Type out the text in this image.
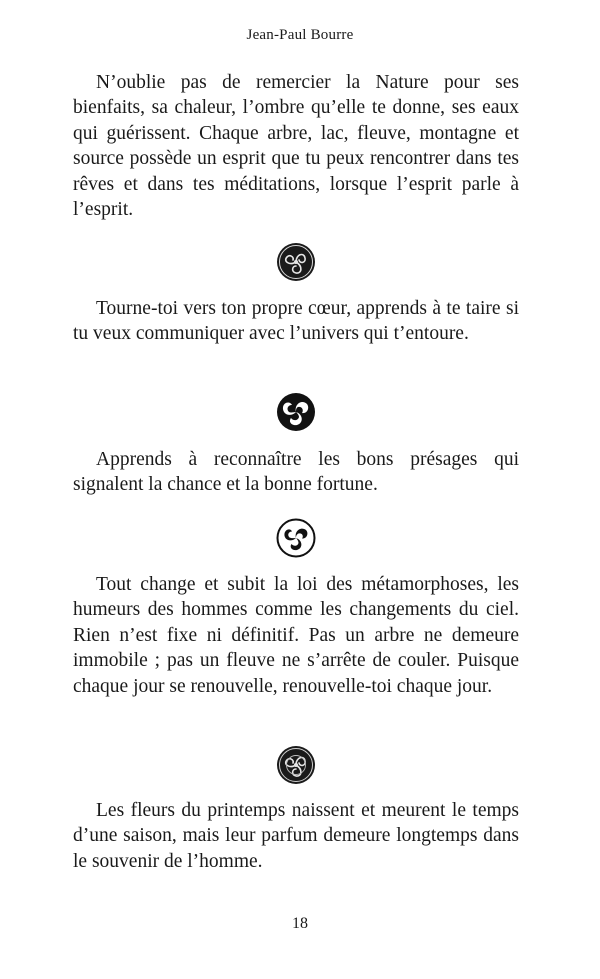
Jean-Paul Bourre

N’oublie pas de remercier la Nature pour ses bienfaits, sa chaleur, l’ombre qu’elle te donne, ses eaux qui guérissent. Chaque arbre, lac, fleuve, montagne et source possède un esprit que tu peux rencontrer dans tes rêves et dans tes méditations, lorsque l’esprit parle à l’esprit.

Tourne-toi vers ton propre cœur, apprends à te taire si tu veux communiquer avec l’univers qui t’entoure.

Apprends à reconnaître les bons présages qui signalent la chance et la bonne fortune.

Tout change et subit la loi des métamorphoses, les humeurs des hommes comme les changements du ciel. Rien n’est fixe ni définitif. Pas un arbre ne demeure immobile ; pas un fleuve ne s’arrête de couler. Puisque chaque jour se renouvelle, renouvelle-toi chaque jour.

Les fleurs du printemps naissent et meurent le temps d’une saison, mais leur parfum demeure longtemps dans le souvenir de l’homme.

18
